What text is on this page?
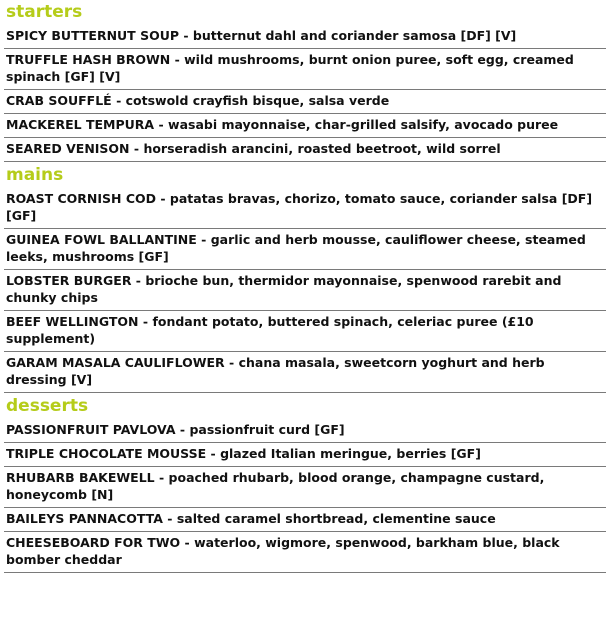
starters
SPICY BUTTERNUT SOUP - butternut dahl and coriander samosa [DF] [V]
TRUFFLE HASH BROWN - wild mushrooms, burnt onion puree, soft egg, creamed spinach [GF] [V]
CRAB SOUFFLÉ - cotswold crayfish bisque, salsa verde
MACKEREL TEMPURA - wasabi mayonnaise, char-grilled salsify, avocado puree
SEARED VENISON - horseradish arancini, roasted beetroot, wild sorrel
mains
ROAST CORNISH COD - patatas bravas, chorizo, tomato sauce, coriander salsa [DF] [GF]
GUINEA FOWL BALLANTINE - garlic and herb mousse, cauliflower cheese, steamed leeks, mushrooms [GF]
LOBSTER BURGER - brioche bun, thermidor mayonnaise, spenwood rarebit and chunky chips
BEEF WELLINGTON - fondant potato, buttered spinach, celeriac puree (£10 supplement)
GARAM MASALA CAULIFLOWER - chana masala, sweetcorn yoghurt and herb dressing [V]
desserts
PASSIONFRUIT PAVLOVA - passionfruit curd [GF]
TRIPLE CHOCOLATE MOUSSE - glazed Italian meringue, berries [GF]
RHUBARB BAKEWELL - poached rhubarb, blood orange, champagne custard, honeycomb [N]
BAILEYS PANNACOTTA - salted caramel shortbread, clementine sauce
CHEESEBOARD FOR TWO - waterloo, wigmore, spenwood, barkham blue, black bomber cheddar
